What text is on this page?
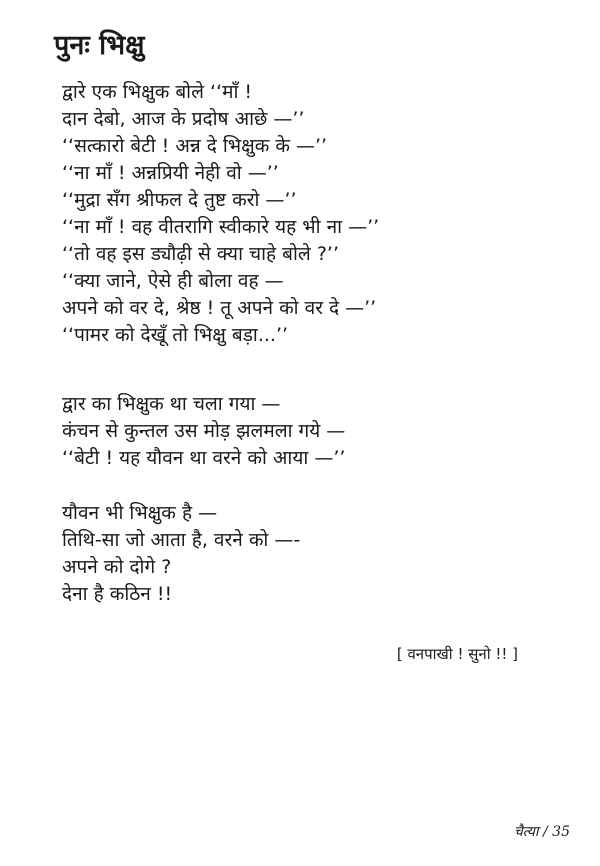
पुनः भिक्षु
द्वारे एक भिक्षुक बोले ‘‘माँ !
दान देबो, आज के प्रदोष आछे —’’
‘‘सत्कारो बेटी ! अन्न दे भिक्षुक के —’’
‘‘ना माँ ! अन्नप्रियी नेही वो —’’
‘‘मुद्रा सँग श्रीफल दे तुष्ट करो —’’
‘‘ना माँ ! वह वीतरागि स्वीकारे यह भी ना —’’
‘‘तो वह इस ड्यौढ़ी से क्या चाहे बोले ?’’
‘‘क्या जाने, ऐसे ही बोला वह —
अपने को वर दे, श्रेष्ठ ! तू अपने को वर दे —’’
‘‘पामर को देखूँ तो भिक्षु बड़ा...’’
द्वार का भिक्षुक था चला गया —
कंचन से कुन्तल उस मोड़ झलमला गये —
‘‘बेटी ! यह यौवन था वरने को आया —’’
यौवन भी भिक्षुक है —
तिथि-सा जो आता है, वरने को —-
अपने को दोगे ?
देना है कठिन !!
[ वनपाखी ! सुनो !! ]
चैत्या / 35
